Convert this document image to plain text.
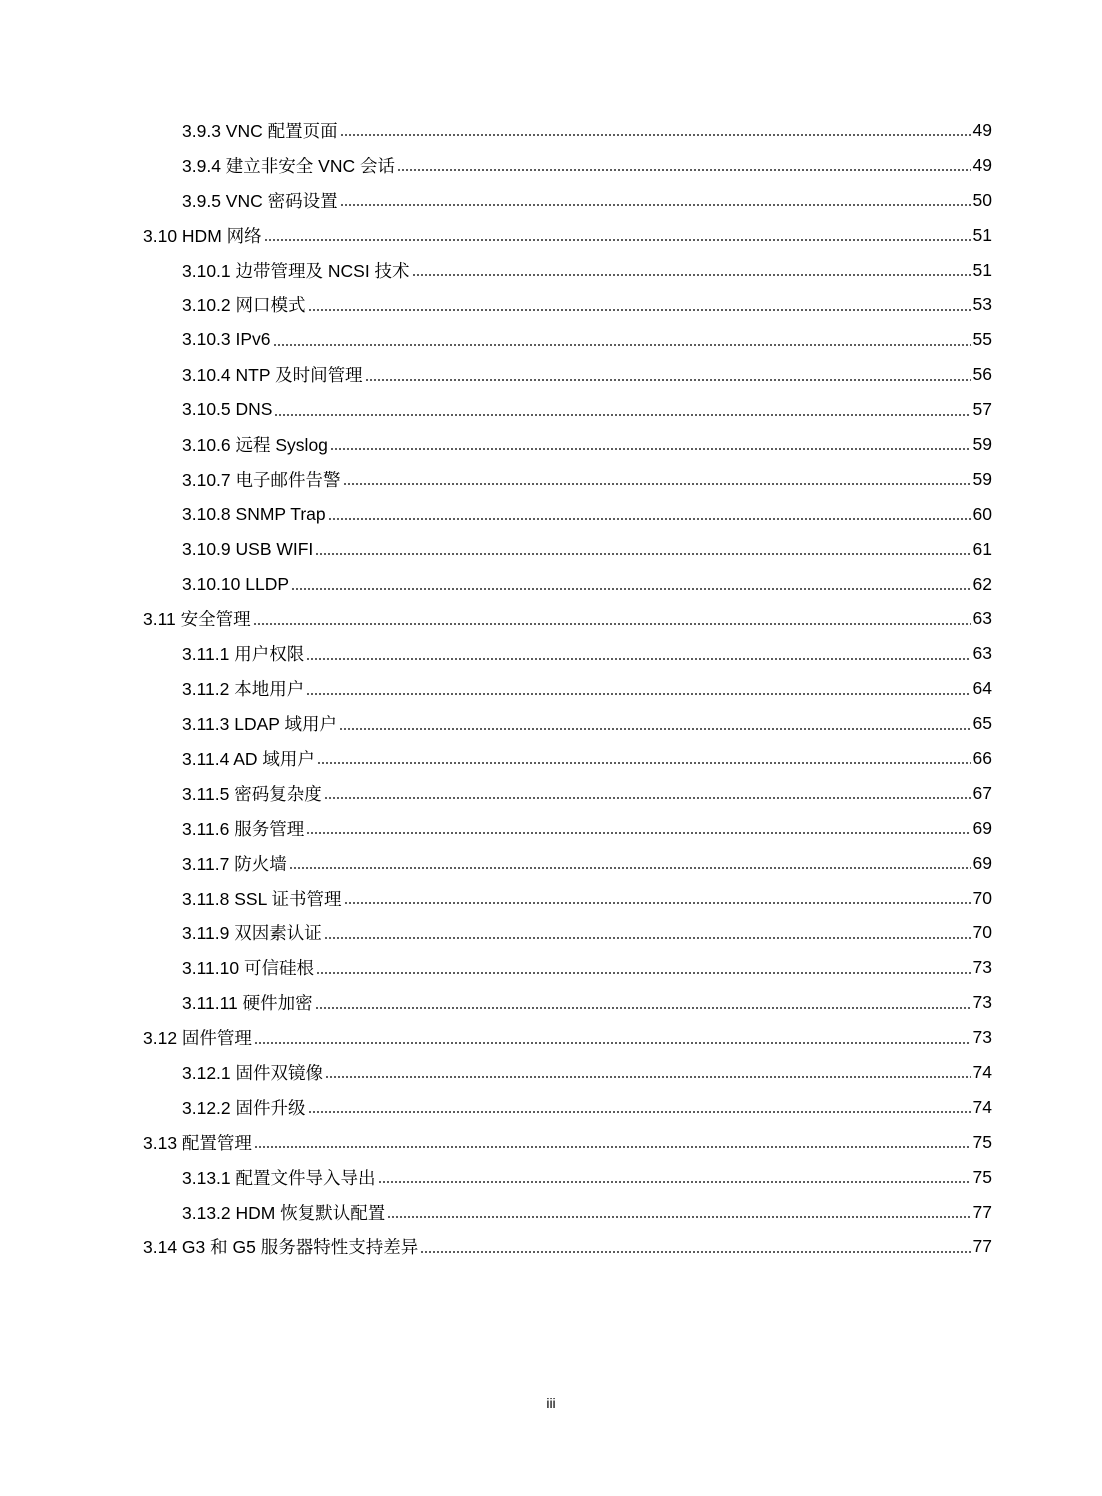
3.9.3 VNC 配置页面	49
3.9.4 建立非安全 VNC 会话	49
3.9.5 VNC 密码设置	50
3.10 HDM 网络	51
3.10.1 边带管理及 NCSI 技术	51
3.10.2 网口模式	53
3.10.3 IPv6	55
3.10.4 NTP 及时间管理	56
3.10.5 DNS	57
3.10.6 远程 Syslog	59
3.10.7 电子邮件告警	59
3.10.8 SNMP Trap	60
3.10.9 USB WIFI	61
3.10.10 LLDP	62
3.11 安全管理	63
3.11.1 用户权限	63
3.11.2 本地用户	64
3.11.3 LDAP 域用户	65
3.11.4 AD 域用户	66
3.11.5 密码复杂度	67
3.11.6 服务管理	69
3.11.7 防火墙	69
3.11.8 SSL 证书管理	70
3.11.9 双因素认证	70
3.11.10 可信硅根	73
3.11.11 硬件加密	73
3.12 固件管理	73
3.12.1 固件双镜像	74
3.12.2 固件升级	74
3.13 配置管理	75
3.13.1 配置文件导入导出	75
3.13.2 HDM 恢复默认配置	77
3.14 G3 和 G5 服务器特性支持差异	77
iii
